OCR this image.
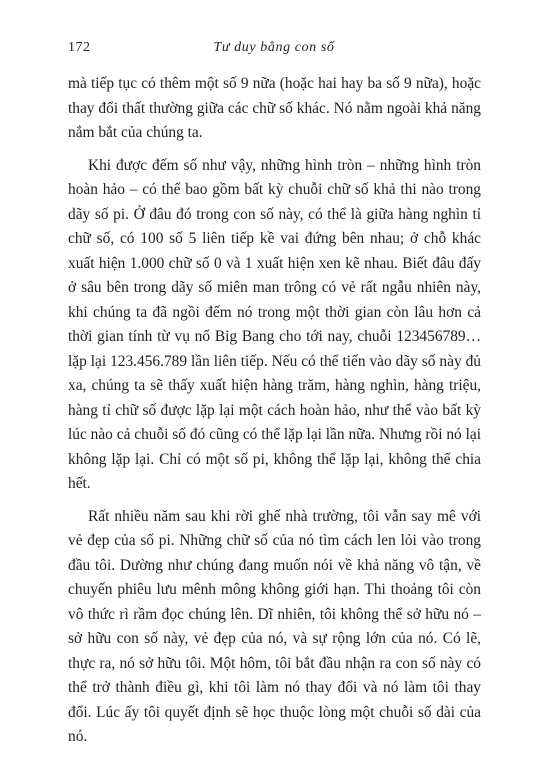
172	Tư duy bằng con số

mà tiếp tục có thêm một số 9 nữa (hoặc hai hay ba số 9 nữa), hoặc thay đổi thất thường giữa các chữ số khác. Nó nằm ngoài khả năng nắm bắt của chúng ta.

Khi được đếm số như vậy, những hình tròn – những hình tròn hoàn hảo – có thể bao gồm bất kỳ chuỗi chữ số khả thi nào trong dãy số pi. Ở đâu đó trong con số này, có thể là giữa hàng nghìn tỉ chữ số, có 100 số 5 liên tiếp kề vai đứng bên nhau; ở chỗ khác xuất hiện 1.000 chữ số 0 và 1 xuất hiện xen kẽ nhau. Biết đâu đấy ở sâu bên trong dãy số miên man trông có vẻ rất ngẫu nhiên này, khi chúng ta đã ngồi đếm nó trong một thời gian còn lâu hơn cả thời gian tính từ vụ nổ Big Bang cho tới nay, chuỗi 123456789… lặp lại 123.456.789 lần liên tiếp. Nếu có thể tiến vào dãy số này đủ xa, chúng ta sẽ thấy xuất hiện hàng trăm, hàng nghìn, hàng triệu, hàng tỉ chữ số được lặp lại một cách hoàn hảo, như thể vào bất kỳ lúc nào cả chuỗi số đó cũng có thể lặp lại lần nữa. Nhưng rồi nó lại không lặp lại. Chỉ có một số pi, không thể lặp lại, không thể chia hết.

Rất nhiều năm sau khi rời ghế nhà trường, tôi vẫn say mê với vẻ đẹp của số pi. Những chữ số của nó tìm cách len lỏi vào trong đầu tôi. Dường như chúng đang muốn nói về khả năng vô tận, về chuyến phiêu lưu mênh mông không giới hạn. Thi thoảng tôi còn vô thức rì rầm đọc chúng lên. Dĩ nhiên, tôi không thể sở hữu nó – sở hữu con số này, vẻ đẹp của nó, và sự rộng lớn của nó. Có lẽ, thực ra, nó sở hữu tôi. Một hôm, tôi bắt đầu nhận ra con số này có thể trở thành điều gì, khi tôi làm nó thay đổi và nó làm tôi thay đổi. Lúc ấy tôi quyết định sẽ học thuộc lòng một chuỗi số dài của nó.
